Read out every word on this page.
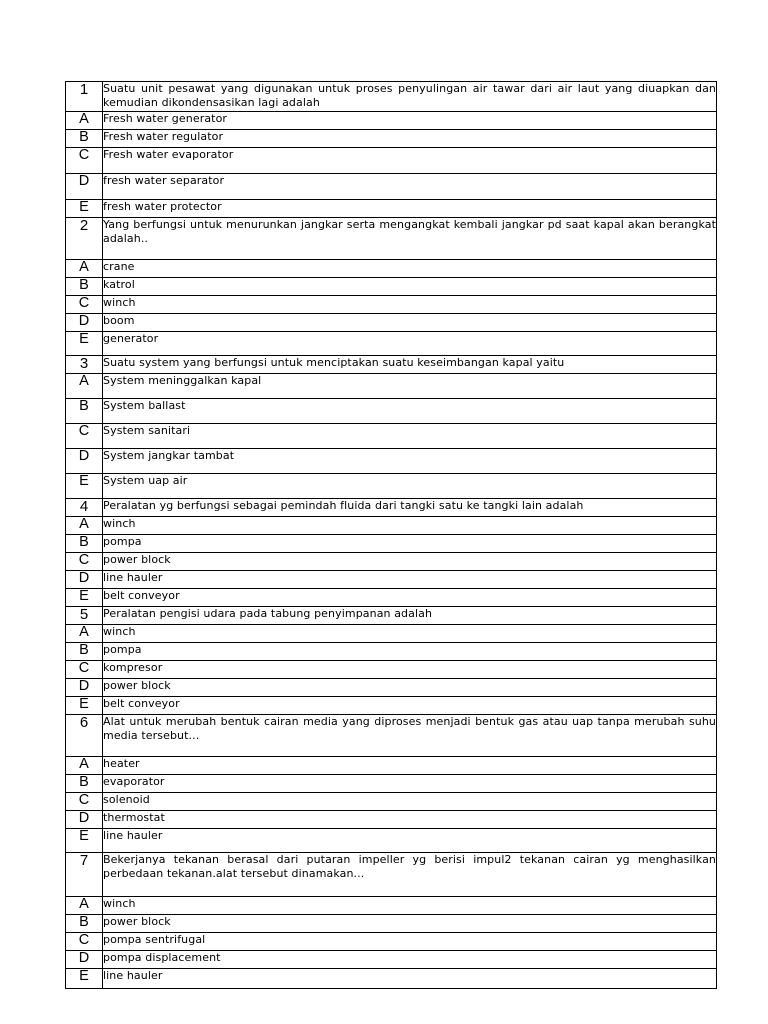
1	Suatu unit pesawat yang digunakan untuk proses penyulingan air tawar dari air laut yang diuapkan dan kemudian dikondensasikan lagi adalah
A	Fresh water generator
B	Fresh water regulator
C	Fresh water evaporator
D	fresh water separator
E	fresh water protector
2	Yang berfungsi untuk menurunkan jangkar serta mengangkat kembali jangkar pd saat kapal akan berangkat adalah..
A	crane
B	katrol
C	winch
D	boom
E	generator
3	Suatu system yang berfungsi untuk menciptakan suatu keseimbangan kapal yaitu
A	System meninggalkan kapal
B	System ballast
C	System sanitari
D	System jangkar tambat
E	System uap air
4	Peralatan yg berfungsi sebagai pemindah fluida dari tangki satu ke tangki lain adalah
A	winch
B	pompa
C	power block
D	line hauler
E	belt conveyor
5	Peralatan pengisi udara pada tabung penyimpanan adalah
A	winch
B	pompa
C	kompresor
D	power block
E	belt conveyor
6	Alat untuk merubah bentuk cairan media yang diproses menjadi bentuk gas atau uap tanpa merubah suhu media tersebut...
A	heater
B	evaporator
C	solenoid
D	thermostat
E	line hauler
7	Bekerjanya tekanan berasal dari putaran impeller yg berisi impul2 tekanan cairan yg menghasilkan perbedaan tekanan.alat tersebut dinamakan...
A	winch
B	power block
C	pompa sentrifugal
D	pompa displacement
E	line hauler
